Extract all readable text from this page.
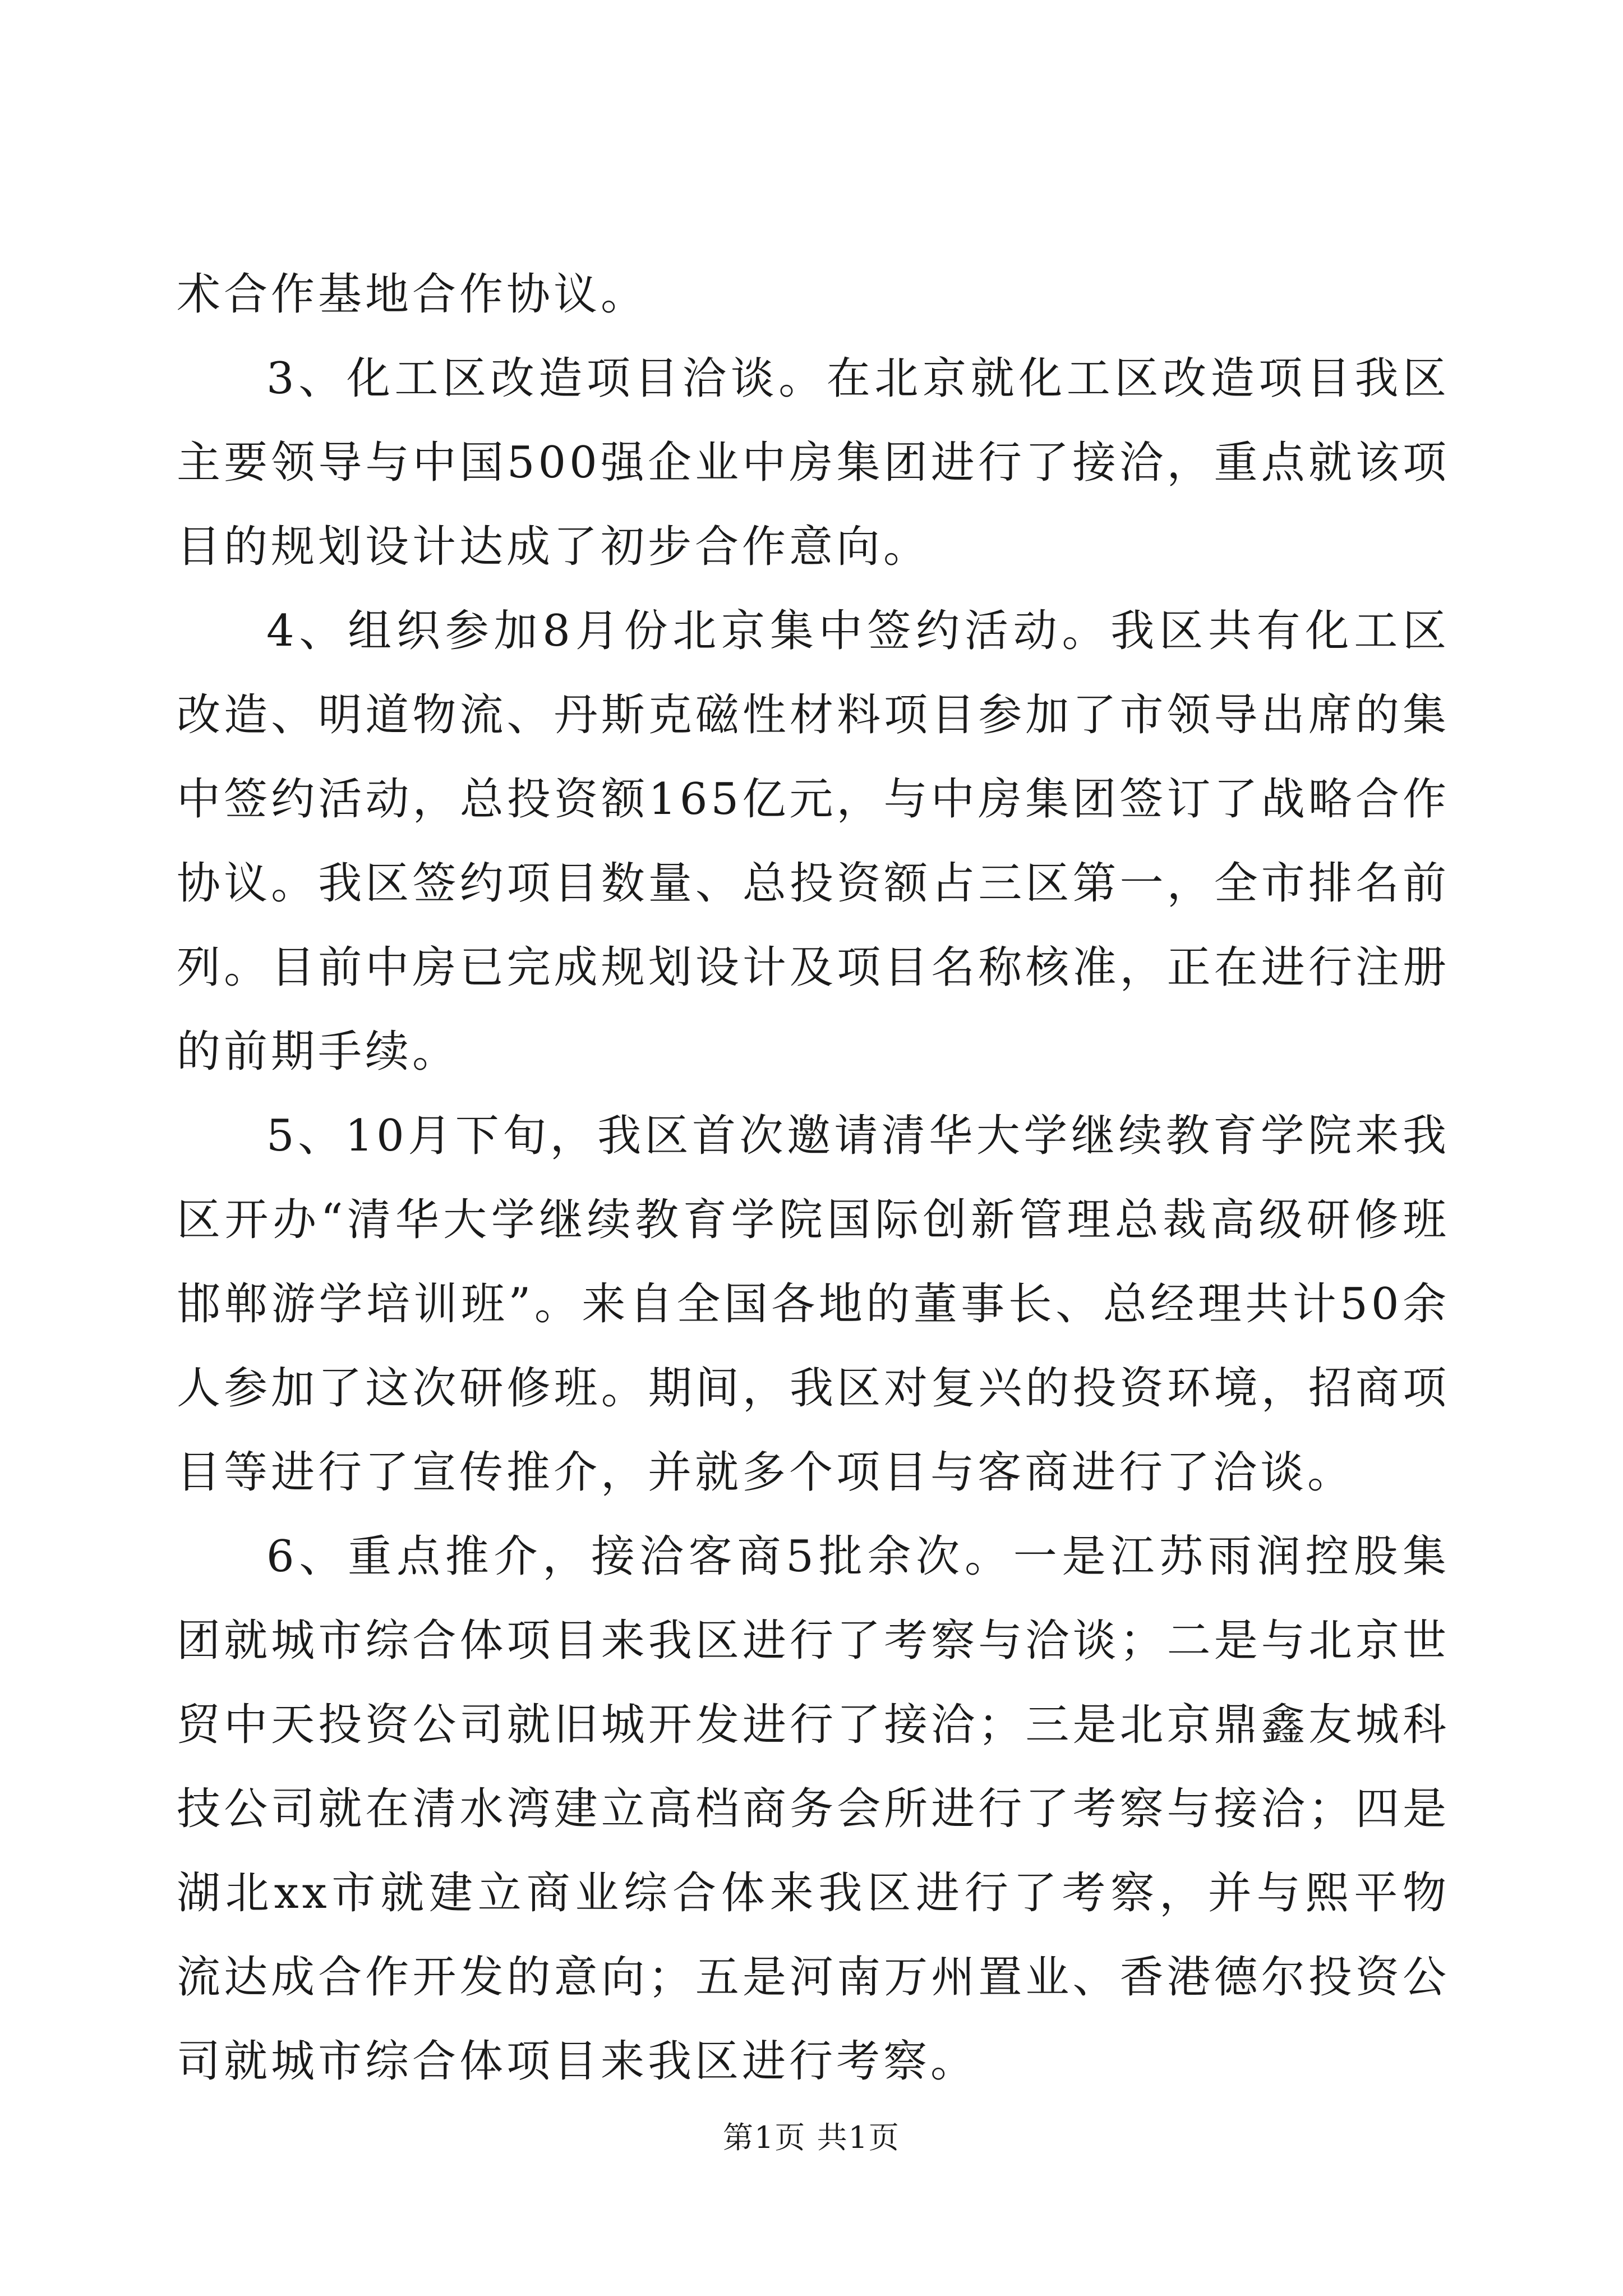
术合作基地合作协议。

3、化工区改造项目洽谈。在北京就化工区改造项目我区主要领导与中国500强企业中房集团进行了接洽，重点就该项目的规划设计达成了初步合作意向。

4、组织参加8月份北京集中签约活动。我区共有化工区改造、明道物流、丹斯克磁性材料项目参加了市领导出席的集中签约活动，总投资额165亿元，与中房集团签订了战略合作协议。我区签约项目数量、总投资额占三区第一，全市排名前列。目前中房已完成规划设计及项目名称核准，正在进行注册的前期手续。

5、10月下旬，我区首次邀请清华大学继续教育学院来我区开办“清华大学继续教育学院国际创新管理总裁高级研修班邯郸游学培训班”。来自全国各地的董事长、总经理共计50余人参加了这次研修班。期间，我区对复兴的投资环境，招商项目等进行了宣传推介，并就多个项目与客商进行了洽谈。

6、重点推介，接洽客商5批余次。一是江苏雨润控股集团就城市综合体项目来我区进行了考察与洽谈；二是与北京世贸中天投资公司就旧城开发进行了接洽；三是北京鼎鑫友城科技公司就在清水湾建立高档商务会所进行了考察与接洽；四是湖北xx市就建立商业综合体来我区进行了考察，并与熙平物流达成合作开发的意向；五是河南万州置业、香港德尔投资公司就城市综合体项目来我区进行考察。

第1页 共1页
